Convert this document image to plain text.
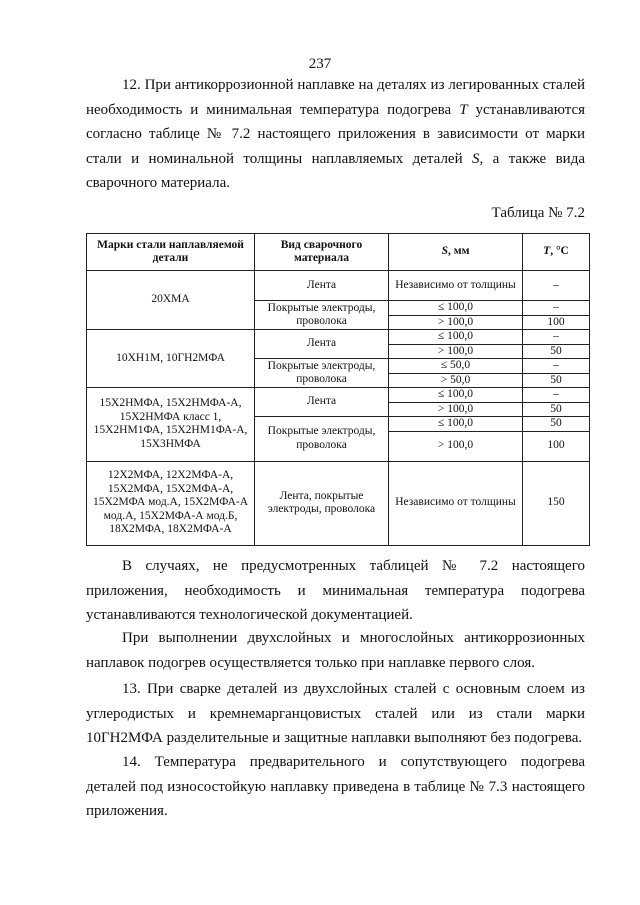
237

12. При антикоррозионной наплавке на деталях из легированных сталей необходимость и минимальная температура подогрева T устанавливаются согласно таблице № 7.2 настоящего приложения в зависимости от марки стали и номинальной толщины наплавляемых деталей S, а также вида сварочного материала.

Таблица № 7.2
Марки стали наплавляемой детали	Вид сварочного материала	S, мм	T, °С
20ХМА	Лента	Независимо от толщины	–
	Покрытые электроды, проволока	≤ 100,0	–
		> 100,0	100
10ХН1М, 10ГН2МФА	Лента	≤ 100,0	–
		> 100,0	50
	Покрытые электроды, проволока	≤ 50,0	–
		> 50,0	50
15Х2НМФА, 15Х2НМФА-А, 15Х2НМФА класс 1, 15Х2НМ1ФА, 15Х2НМ1ФА-А, 15Х3НМФА	Лента	≤ 100,0	–
		> 100,0	50
	Покрытые электроды, проволока	≤ 100,0	50
		> 100,0	100
12Х2МФА, 12Х2МФА-А, 15Х2МФА, 15Х2МФА-А, 15Х2МФА мод.А, 15Х2МФА-А мод.А, 15Х2МФА-А мод.Б, 18Х2МФА, 18Х2МФА-А	Лента, покрытые электроды, проволока	Независимо от толщины	150

В случаях, не предусмотренных таблицей № 7.2 настоящего приложения, необходимость и минимальная температура подогрева устанавливаются технологической документацией.

При выполнении двухслойных и многослойных антикоррозионных наплавок подогрев осуществляется только при наплавке первого слоя.

13. При сварке деталей из двухслойных сталей с основным слоем из углеродистых и кремнемарганцовистых сталей или из стали марки 10ГН2МФА разделительные и защитные наплавки выполняют без подогрева.

14. Температура предварительного и сопутствующего подогрева деталей под износостойкую наплавку приведена в таблице № 7.3 настоящего приложения.
